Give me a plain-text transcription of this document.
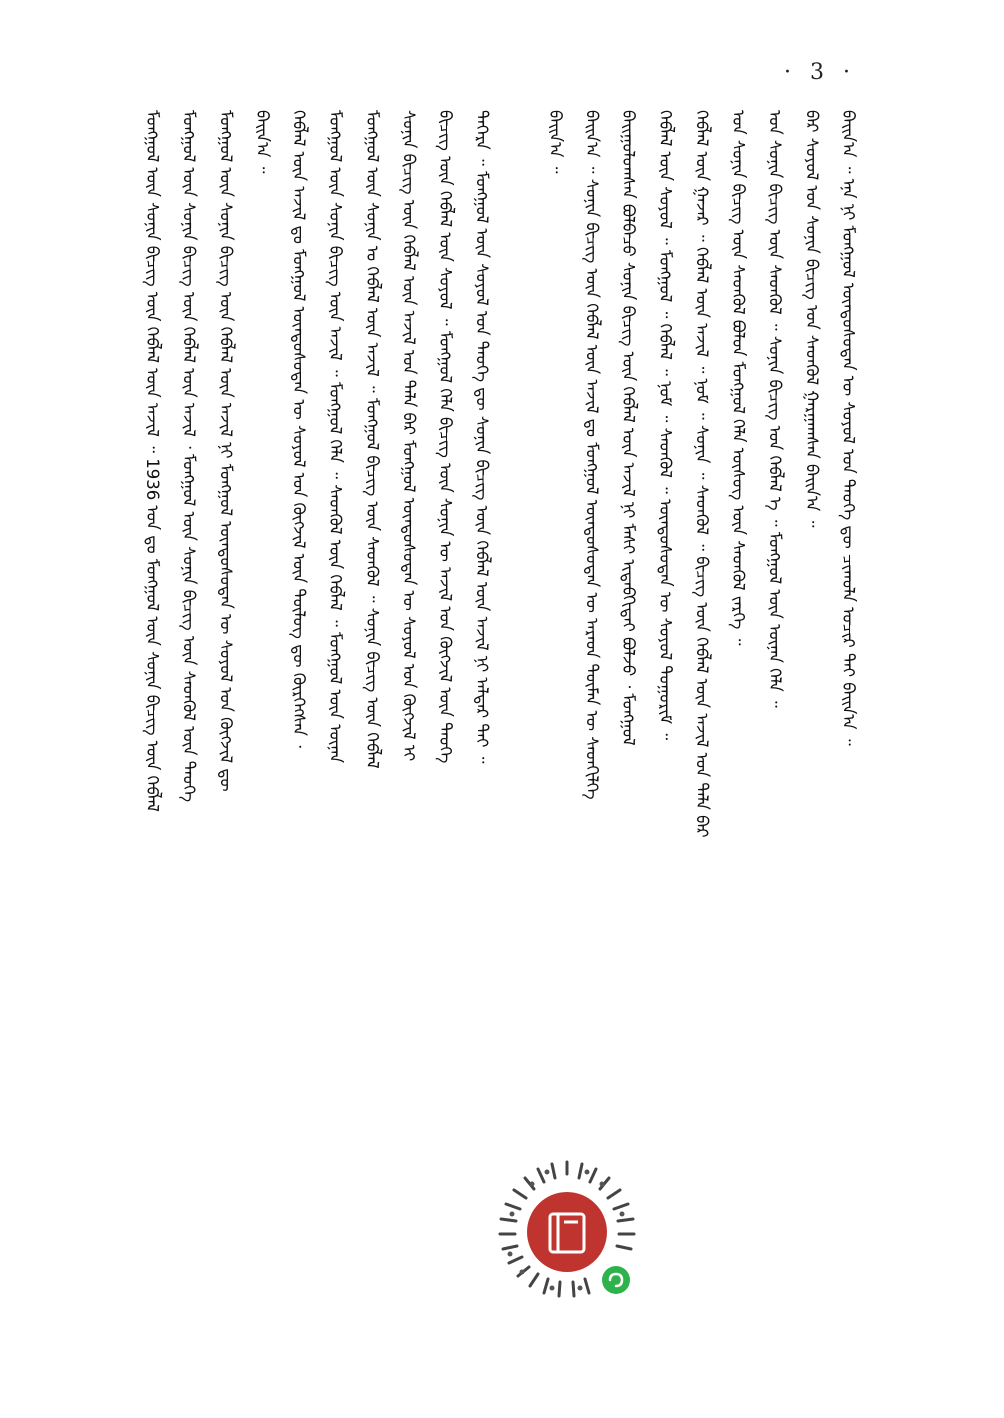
· 3 ·
ᠪᠠᠢᠨ᠎ᠠ ᠃ ᠡᠨᠡ ᠨᠢ ᠮᠣᠩᠭᠣᠯ ᠦᠨᠳᠦᠰᠦᠲᠡᠨ ᠦ ᠰᠣᠶᠣᠯ ᠤᠨ ᠲᠡᠦᠬᠡ ᠳᠦ ᠴᠢᠬᠤᠯᠠ ᠤᠴᠢᠷ ᠲᠠᠢ ᠪᠠᠢᠨ᠎ᠠ ᠃
ᠪᠠᠷ ᠰᠣᠶᠣᠯ ᠤᠨ ᠰᠣᠨᠢᠨ ᠪᠢᠴᠢᠭ ᠤᠨ ᠰᠡᠳᠬᠦᠯ ᠭᠠᠷᠭᠠᠭᠰᠠᠨ ᠪᠠᠢᠨ᠎ᠠ ᠃
ᠤᠨ ᠰᠣᠨᠢᠨ ᠪᠢᠴᠢᠭ ᠦᠨ ᠰᠡᠳᠬᠦᠯ ᠃ ᠰᠣᠨᠢᠨ ᠪᠢᠴᠢᠭ ᠤᠨ ᠬᠡᠪᠯᠡᠯ ᠡ ᠃ ᠮᠣᠩᠭᠣᠯ ᠦᠨ ᠦᠨᠡᠨ ᠬᠡᠯᠡ ᠃
ᠤᠨ ᠰᠣᠨᠢᠨ ᠪᠢᠴᠢᠭ ᠦᠨ ᠰᠡᠳᠬᠦᠯ ᠪᠣᠯᠤᠨ ᠮᠣᠩᠭᠣᠯ ᠬᠡᠯᠡ ᠦᠰᠦᠭ ᠦᠨ ᠰᠡᠳᠬᠦᠯ ᠵᠡᠷᠭᠡ ᠃
ᠬᠡᠪᠯᠡᠯ ᠦᠨ ᠭᠠᠵᠠᠷ ᠃ ᠬᠡᠪᠯᠡᠯ ᠦᠨ ᠠᠵᠢᠯ ᠃ ᠨᠣᠮ ᠃ ᠰᠣᠨᠢᠨ ᠃ ᠰᠡᠳᠬᠦᠯ ᠃ ᠪᠢᠴᠢᠭ ᠦᠨ ᠬᠡᠪᠯᠡᠯ ᠦᠨ ᠠᠵᠢᠯ ᠤᠨ ᠲᠠᠯᠠ ᠪᠠᠷ
ᠬᠡᠪᠯᠡᠯ ᠦᠨ ᠰᠣᠶᠣᠯ ᠃ ᠮᠣᠩᠭᠣᠯ ᠃ ᠬᠡᠪᠯᠡᠯ ᠃ ᠨᠣᠮ ᠃ ᠰᠡᠳᠬᠦᠯ ᠃ ᠦᠨᠳᠦᠰᠦᠲᠡᠨ ᠦ ᠰᠣᠶᠣᠯ ᠲᠣᠭᠣᠷᠢᠮ ᠃
ᠪᠠᠢᠭᠤᠯᠤᠭᠰᠠᠨ ᠪᠣᠯᠪᠠᠴᠤ ᠰᠣᠨᠢᠨ ᠪᠢᠴᠢᠭ ᠦᠨ ᠬᠡᠪᠯᠡᠯ ᠦᠨ ᠠᠵᠢᠯ ᠨᠢ ᠮᠠᠰᠢ ᠢᠳᠡᠪᠬᠢᠲᠡᠢ ᠪᠣᠯᠵᠤ ᠂ ᠮᠣᠩᠭᠣᠯ
ᠪᠠᠢᠨ᠎ᠠ ᠃ ᠰᠣᠨᠢᠨ ᠪᠢᠴᠢᠭ ᠦᠨ ᠬᠡᠪᠯᠡᠯ ᠦᠨ ᠠᠵᠢᠯ ᠳᠤ ᠮᠣᠩᠭᠣᠯ ᠦᠨᠳᠦᠰᠦᠲᠡᠨ ᠦ ᠠᠷᠠᠳ ᠲᠦᠮᠡᠨ ᠦ ᠰᠡᠳᠬᠢᠯᠭᠡ
ᠪᠠᠢᠨ᠎ᠠ ᠃
ᠳᠡᠭᠡᠷᠡ ᠃ ᠮᠣᠩᠭᠣᠯ ᠦᠨ ᠰᠣᠶᠣᠯ ᠤᠨ ᠲᠡᠦᠬᠡ ᠳᠦ ᠰᠣᠨᠢᠨ ᠪᠢᠴᠢᠭ ᠦᠨ ᠬᠡᠪᠯᠡᠯ ᠦᠨ ᠠᠵᠢᠯ ᠨᠢ ᠠᠯᠳᠠᠷ ᠲᠠᠢ ᠃
ᠪᠢᠴᠢᠭ ᠦᠨ ᠬᠡᠪᠯᠡᠯ ᠦᠨ ᠰᠣᠶᠣᠯ ᠃ ᠮᠣᠩᠭᠣᠯ ᠬᠡᠯᠡ ᠪᠢᠴᠢᠭ ᠦᠨ ᠰᠣᠨᠢᠨ ᠦ ᠠᠵᠢᠯ ᠤᠨ ᠬᠥᠭᠵᠢᠯ ᠦᠨ ᠲᠡᠦᠬᠡ
ᠰᠣᠨᠢᠨ ᠪᠢᠴᠢᠭ ᠦᠨ ᠬᠡᠪᠯᠡᠯ ᠦᠨ ᠠᠵᠢᠯ ᠤᠨ ᠲᠠᠯᠠ ᠪᠠᠷ ᠮᠣᠩᠭᠣᠯ ᠦᠨᠳᠦᠰᠦᠲᠡᠨ ᠦ ᠰᠣᠶᠣᠯ ᠤᠨ ᠬᠥᠭᠵᠢᠯ ᠢ
ᠮᠣᠩᠭᠣᠯ ᠦᠨ ᠰᠣᠨᠢᠨ ᠤ ᠬᠡᠪᠯᠡᠯ ᠦᠨ ᠠᠵᠢᠯ ᠃ ᠮᠣᠩᠭᠣᠯ ᠪᠢᠴᠢᠭ ᠦᠨ ᠰᠡᠳᠬᠦᠯ ᠃ ᠰᠣᠨᠢᠨ ᠪᠢᠴᠢᠭ ᠦᠨ ᠬᠡᠪᠯᠡᠯ
ᠮᠣᠩᠭᠣᠯ ᠦᠨ ᠰᠣᠨᠢᠨ ᠪᠢᠴᠢᠭ ᠦᠨ ᠠᠵᠢᠯ ᠃ ᠮᠣᠩᠭᠣᠯ ᠬᠡᠯᠡ ᠃ ᠰᠡᠳᠬᠦᠯ ᠦᠨ ᠬᠡᠪᠯᠡᠯ ᠃ ᠮᠣᠩᠭᠣᠯ ᠦᠨ ᠦᠨᠡᠨ
ᠬᠡᠪᠯᠡᠯ ᠦᠨ ᠠᠵᠢᠯ ᠳᠤ ᠮᠣᠩᠭᠣᠯ ᠦᠨᠳᠦᠰᠦᠲᠡᠨ ᠦ ᠰᠣᠶᠣᠯ ᠤᠨ ᠬᠥᠭᠵᠢᠯ ᠦᠨ ᠲᠥᠯᠥᠭ ᠳᠦ ᠬᠦᠷᠭᠡᠭᠰᠡᠨ ᠂
ᠪᠠᠢᠨ᠎ᠠ ᠃
ᠮᠣᠩᠭᠣᠯ ᠦᠨ ᠰᠣᠨᠢᠨ ᠪᠢᠴᠢᠭ ᠦᠨ ᠬᠡᠪᠯᠡᠯ ᠦᠨ ᠠᠵᠢᠯ ᠨᠢ ᠮᠣᠩᠭᠣᠯ ᠦᠨᠳᠦᠰᠦᠲᠡᠨ ᠦ ᠰᠣᠶᠣᠯ ᠤᠨ ᠬᠥᠭᠵᠢᠯ ᠳᠦ
ᠮᠣᠩᠭᠣᠯ ᠦᠨ ᠰᠣᠨᠢᠨ ᠪᠢᠴᠢᠭ ᠦᠨ ᠬᠡᠪᠯᠡᠯ ᠦᠨ ᠠᠵᠢᠯ ᠂ ᠮᠣᠩᠭᠣᠯ ᠦᠨ ᠰᠣᠨᠢᠨ ᠪᠢᠴᠢᠭ ᠦᠨ ᠰᠡᠳᠬᠦᠯ ᠦᠨ ᠲᠡᠦᠬᠡ
ᠮᠣᠩᠭᠣᠯ ᠦᠨ ᠰᠣᠨᠢᠨ ᠪᠢᠴᠢᠭ ᠦᠨ ᠬᠡᠪᠯᠡᠯ ᠦᠨ ᠠᠵᠢᠯ ᠃ 1936 ᠣᠨ ᠳᠤ ᠮᠣᠩᠭᠣᠯ ᠦᠨ ᠰᠣᠨᠢᠨ ᠪᠢᠴᠢᠭ ᠦᠨ ᠬᠡᠪᠯᠡᠯ
